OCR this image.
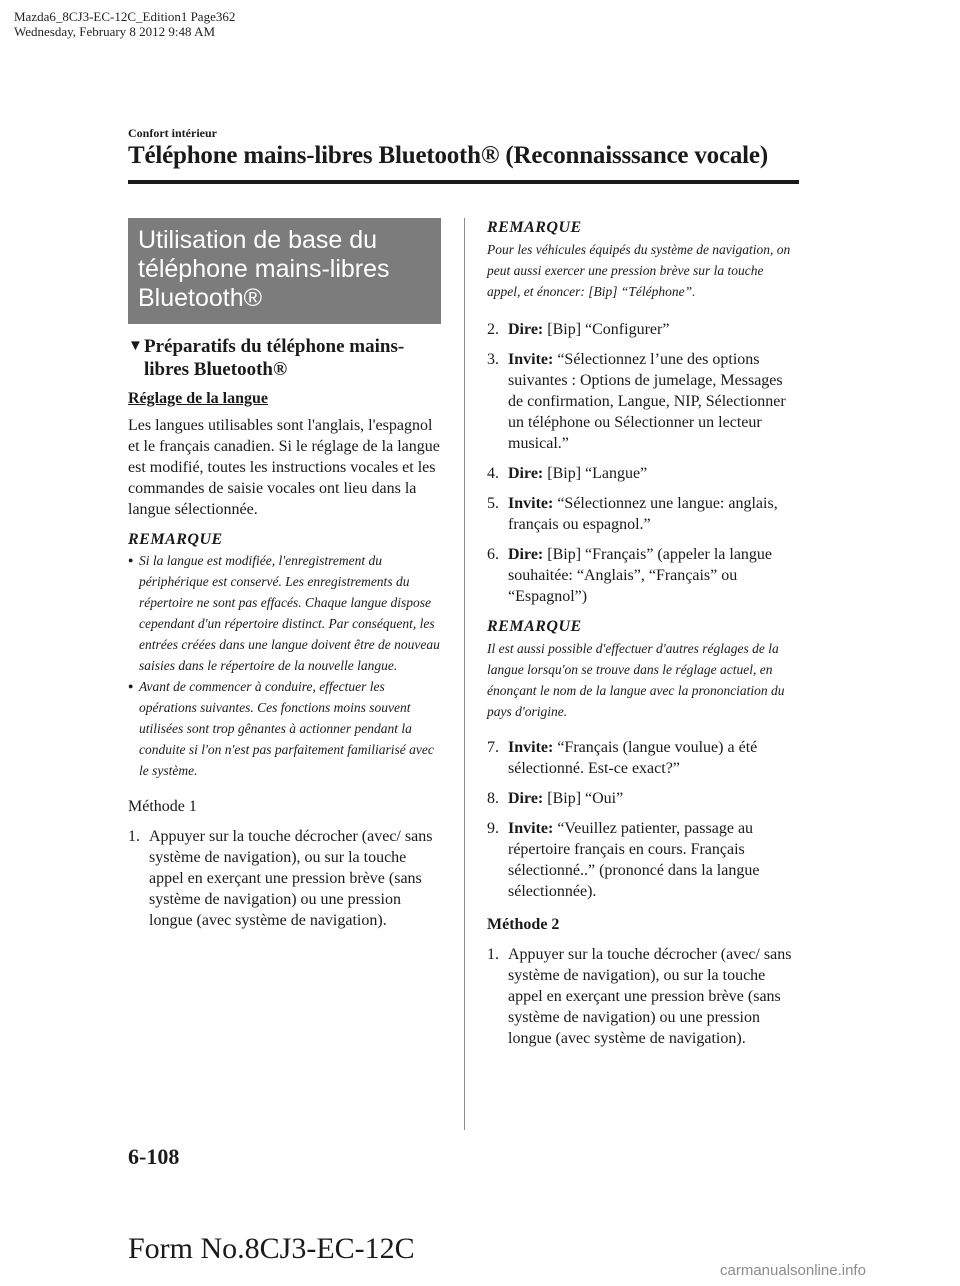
Mazda6_8CJ3-EC-12C_Edition1 Page362
Wednesday, February 8 2012 9:48 AM
Confort intérieur
Téléphone mains-libres Bluetooth® (Reconnaisssance vocale)
Utilisation de base du
téléphone mains-libres
Bluetooth®
▼ Préparatifs du téléphone mains-
libres Bluetooth®
Réglage de la langue
Les langues utilisables sont l'anglais, l'espagnol et le français canadien. Si le réglage de la langue est modifié, toutes les instructions vocales et les commandes de saisie vocales ont lieu dans la langue sélectionnée.
REMARQUE
● Si la langue est modifiée, l'enregistrement du périphérique est conservé. Les enregistrements du répertoire ne sont pas effacés. Chaque langue dispose cependant d'un répertoire distinct. Par conséquent, les entrées créées dans une langue doivent être de nouveau saisies dans le répertoire de la nouvelle langue.
● Avant de commencer à conduire, effectuer les opérations suivantes. Ces fonctions moins souvent utilisées sont trop gênantes à actionner pendant la conduite si l'on n'est pas parfaitement familiarisé avec le système.
Méthode 1
1. Appuyer sur la touche décrocher (avec/ sans système de navigation), ou sur la touche appel en exerçant une pression brève (sans système de navigation) ou une pression longue (avec système de navigation).
REMARQUE
Pour les véhicules équipés du système de navigation, on peut aussi exercer une pression brève sur la touche appel, et énoncer: [Bip] “Téléphone”.
2. Dire: [Bip] “Configurer”
3. Invite: “Sélectionnez l’une des options suivantes : Options de jumelage, Messages de confirmation, Langue, NIP, Sélectionner un téléphone ou Sélectionner un lecteur musical.”
4. Dire: [Bip] “Langue”
5. Invite: “Sélectionnez une langue: anglais, français ou espagnol.”
6. Dire: [Bip] “Français” (appeler la langue souhaitée: “Anglais”, “Français” ou “Espagnol”)
REMARQUE
Il est aussi possible d'effectuer d'autres réglages de la langue lorsqu'on se trouve dans le réglage actuel, en énonçant le nom de la langue avec la prononciation du pays d'origine.
7. Invite: “Français (langue voulue) a été sélectionné. Est-ce exact?”
8. Dire: [Bip] “Oui”
9. Invite: “Veuillez patienter, passage au répertoire français en cours. Français sélectionné..” (prononcé dans la langue sélectionnée).
Méthode 2
1. Appuyer sur la touche décrocher (avec/ sans système de navigation), ou sur la touche appel en exerçant une pression brève (sans système de navigation) ou une pression longue (avec système de navigation).
6-108
Form No.8CJ3-EC-12C
carmanualsonline.info
